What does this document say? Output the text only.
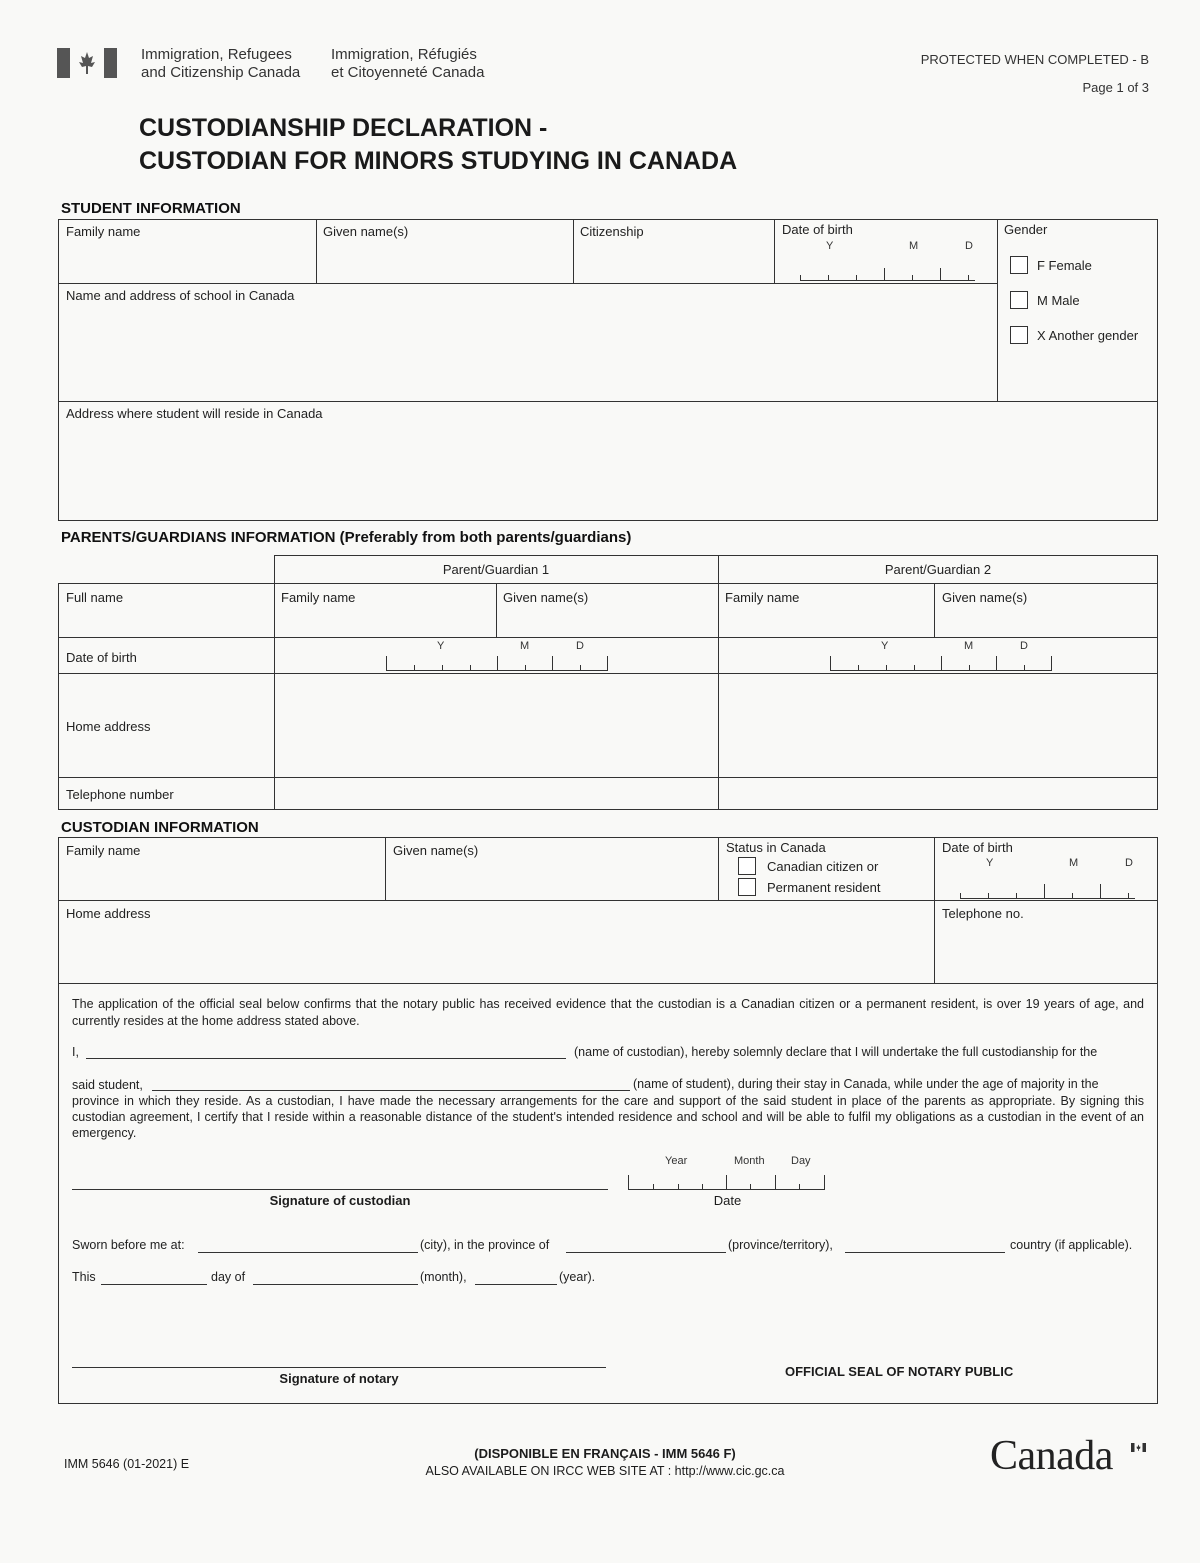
Immigration, Refugees
and Citizenship Canada
Immigration, Réfugiés
et Citoyenneté Canada
PROTECTED WHEN COMPLETED - B
Page 1 of 3
CUSTODIANSHIP DECLARATION -
CUSTODIAN FOR MINORS STUDYING IN CANADA
STUDENT INFORMATION
Family name	Given name(s)	Citizenship	Date of birth
Y	M	D
Gender
F Female
M Male
X Another gender
Name and address of school in Canada
Address where student will reside in Canada
PARENTS/GUARDIANS INFORMATION (Preferably from both parents/guardians)
Parent/Guardian 1	Parent/Guardian 2
Full name	Family name	Given name(s)	Family name	Given name(s)
Date of birth
Y	M	D	Y	M	D
Home address
Telephone number
CUSTODIAN INFORMATION
Family name	Given name(s)	Status in Canada
Canadian citizen or
Permanent resident
Date of birth
Y	M	D
Home address	Telephone no.
The application of the official seal below confirms that the notary public has received evidence that the custodian is a Canadian citizen or a permanent resident, is over 19 years of age, and currently resides at the home address stated above.
I,	(name of custodian), hereby solemnly declare that I will undertake the full custodianship for the
said student,	(name of student), during their stay in Canada, while under the age of majority in the
province in which they reside. As a custodian, I have made the necessary arrangements for the care and support of the said student in place of the parents as appropriate. By signing this custodian agreement, I certify that I reside within a reasonable distance of the student's intended residence and school and will be able to fulfil my obligations as a custodian in the event of an emergency.
Year	Month Day
Signature of custodian	Date
Sworn before me at:	(city), in the province of	(province/territory),	country (if applicable).
This	day of	(month),	(year).
Signature of notary	OFFICIAL SEAL OF NOTARY PUBLIC
IMM 5646 (01-2021) E
(DISPONIBLE EN FRANÇAIS - IMM 5646 F)
ALSO AVAILABLE ON IRCC WEB SITE AT : http://www.cic.gc.ca	Canada
